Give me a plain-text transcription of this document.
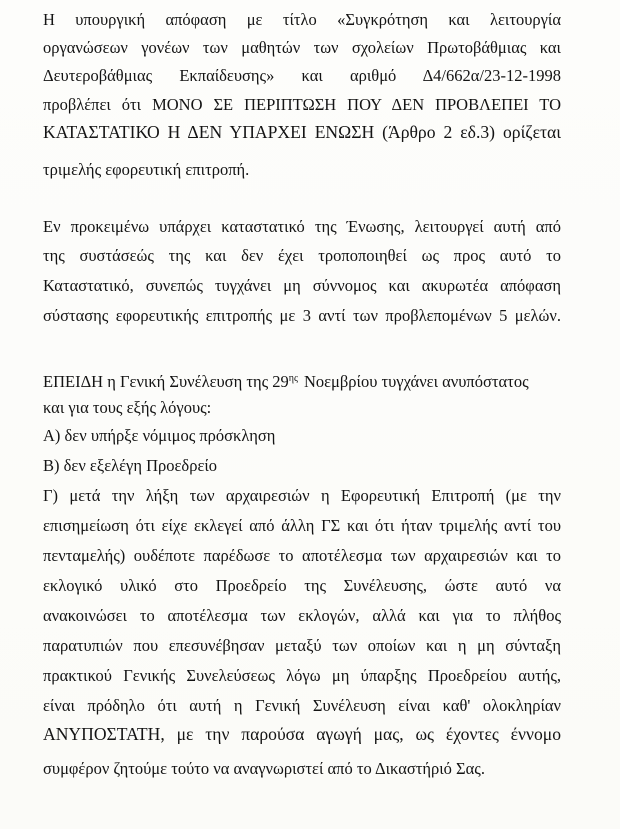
Η υπουργική απόφαση με τίτλο «Συγκρότηση και λειτουργία
οργανώσεων γονέων των μαθητών των σχολείων Πρωτοβάθμιας και
Δευτεροβάθμιας Εκπαίδευσης» και αριθμό Δ4/662α/23-12-1998
προβλέπει ότι ΜΟΝΟ ΣΕ ΠΕΡΙΠΤΩΣΗ ΠΟΥ ΔΕΝ ΠΡΟΒΛΕΠΕΙ ΤΟ
ΚΑΤΑΣΤΑΤΙΚΟ Η ΔΕΝ ΥΠΑΡΧΕΙ ΕΝΩΣΗ (Άρθρο 2 εδ.3) ορίζεται
τριμελής εφορευτική επιτροπή.
Εν προκειμένω υπάρχει καταστατικό της Ένωσης, λειτουργεί αυτή από
της συστάσεώς της και δεν έχει τροποποιηθεί ως προς αυτό το
Καταστατικό, συνεπώς τυγχάνει μη σύννομος και ακυρωτέα απόφαση
σύστασης εφορευτικής επιτροπής με 3 αντί των προβλεπομένων 5 μελών.
ΕΠΕΙΔΗ η Γενική Συνέλευση της $29^{\eta\varsigma}$ Νοεμβρίου τυγχάνει ανυπόστατος
και για τους εξής λόγους:
Α) δεν υπήρξε νόμιμος πρόσκληση
Β) δεν εξελέγη Προεδρείο
Γ) μετά την λήξη των αρχαιρεσιών η Εφορευτική Επιτροπή (με την
επισημείωση ότι είχε εκλεγεί από άλλη ΓΣ και ότι ήταν τριμελής αντί του
πενταμελής) ουδέποτε παρέδωσε το αποτέλεσμα των αρχαιρεσιών και το
εκλογικό υλικό στο Προεδρείο της Συνέλευσης, ώστε αυτό να
ανακοινώσει το αποτέλεσμα των εκλογών, αλλά και για το πλήθος
παρατυπιών που επεσυνέβησαν μεταξύ των οποίων και η μη σύνταξη
πρακτικού Γενικής Συνελεύσεως λόγω μη ύπαρξης Προεδρείου αυτής,
είναι πρόδηλο ότι αυτή η Γενική Συνέλευση είναι καθ' ολοκληρίαν
ΑΝΥΠΟΣΤΑΤΗ, με την παρούσα αγωγή μας, ως έχοντες έννομο
συμφέρον ζητούμε τούτο να αναγνωριστεί από το Δικαστήριό Σας.
